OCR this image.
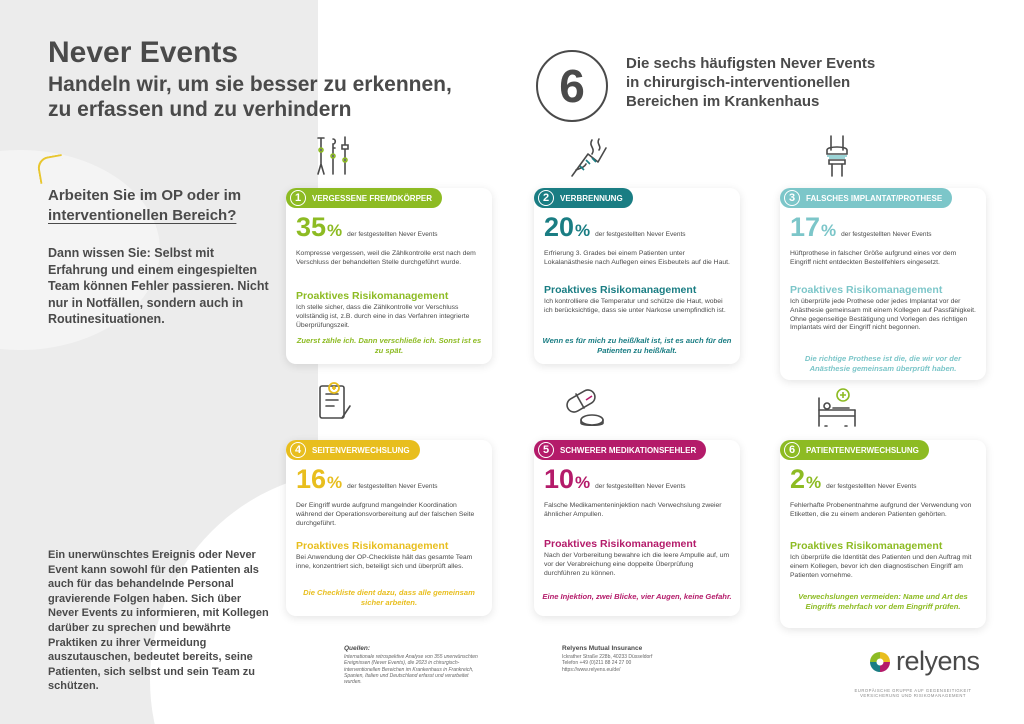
Never Events
Handeln wir, um sie besser zu erkennen,
zu erfassen und zu verhindern
Arbeiten Sie im OP oder im
interventionellen Bereich?
Dann wissen Sie: Selbst mit Erfahrung und einem eingespielten Team können Fehler passieren. Nicht nur in Notfällen, sondern auch in Routinesituationen.
Ein unerwünschtes Ereignis oder Never Event kann sowohl für den Patienten als auch für das behandelnde Personal gravierende Folgen haben. Sich über Never Events zu informieren, mit Kollegen darüber zu sprechen und bewährte Praktiken zu ihrer Vermeidung auszutauschen, bedeutet bereits, seine Patienten, sich selbst und sein Team zu schützen.
6	Die sechs häufigsten Never Events
in chirurgisch-interventionellen
Bereichen im Krankenhaus
1	VERGESSENE FREMDKÖRPER
35 % der festgestellten Never Events
Kompresse vergessen, weil die Zählkontrolle erst nach dem Verschluss der behandelten Stelle durchgeführt wurde.
Proaktives Risikomanagement
Ich stelle sicher, dass die Zählkontrolle vor Verschluss vollständig ist, z.B. durch eine in das Verfahren integrierte Überprüfungszeit.
Zuerst zähle ich. Dann verschließe ich. Sonst ist es zu spät.
2	VERBRENNUNG
20 % der festgestellten Never Events
Erfrierung 3. Grades bei einem Patienten unter Lokalanästhesie nach Auflegen eines Eisbeutels auf die Haut.
Proaktives Risikomanagement
Ich kontrolliere die Temperatur und schütze die Haut, wobei ich berücksichtige, dass sie unter Narkose unempfindlich ist.
Wenn es für mich zu heiß/kalt ist, ist es auch für den Patienten zu heiß/kalt.
3	FALSCHES IMPLANTAT/PROTHESE
17 % der festgestellten Never Events
Hüftprothese in falscher Größe aufgrund eines vor dem Eingriff nicht entdeckten Bestellfehlers eingesetzt.
Proaktives Risikomanagement
Ich überprüfe jede Prothese oder jedes Implantat vor der Anästhesie gemeinsam mit einem Kollegen auf Passfähigkeit. Ohne gegenseitige Bestätigung und Vorlegen des richtigen Implantats wird der Eingriff nicht begonnen.
Die richtige Prothese ist die, die wir vor der Anästhesie gemeinsam überprüft haben.
4	SEITENVERWECHSLUNG
16 % der festgestellten Never Events
Der Eingriff wurde aufgrund mangelnder Koordination während der Operationsvorbereitung auf der falschen Seite durchgeführt.
Proaktives Risikomanagement
Bei Anwendung der OP-Checkliste hält das gesamte Team inne, konzentriert sich, beteiligt sich und überprüft alles.
Die Checkliste dient dazu, dass alle gemeinsam sicher arbeiten.
5	SCHWERER MEDIKATIONSFEHLER
10 % der festgestellten Never Events
Falsche Medikamenteninjektion nach Verwechslung zweier ähnlicher Ampullen.
Proaktives Risikomanagement
Nach der Vorbereitung bewahre ich die leere Ampulle auf, um vor der Verabreichung eine doppelte Überprüfung durchführen zu können.
Eine Injektion, zwei Blicke, vier Augen, keine Gefahr.
6	PATIENTENVERWECHSLUNG
2 % der festgestellten Never Events
Fehlerhafte Probenentnahme aufgrund der Verwendung von Etiketten, die zu einem anderen Patienten gehörten.
Proaktives Risikomanagement
Ich überprüfe die Identität des Patienten und den Auftrag mit einem Kollegen, bevor ich den diagnostischen Eingriff am Patienten vornehme.
Verwechslungen vermeiden: Name und Art des Eingriffs mehrfach vor dem Eingriff prüfen.
Quellen:
Internationale retrospektive Analyse von 355 unerwünschten Ereignissen (Never Events), die 2023 in chirurgisch-interventionellen Bereichen im Krankenhaus in Frankreich, Spanien, Italien und Deutschland erfasst und verarbeitet wurden.
Relyens Mutual Insurance
Ickrather Straße 228b, 40233 Düsseldorf
Telefon +49 (0)211 88 24 27 00
https://www.relyens.eu/de/	relyens
EUROPÄISCHE GRUPPE AUF GEGENSEITIGKEIT VERSICHERUNG UND RISIKOMANAGEMENT
